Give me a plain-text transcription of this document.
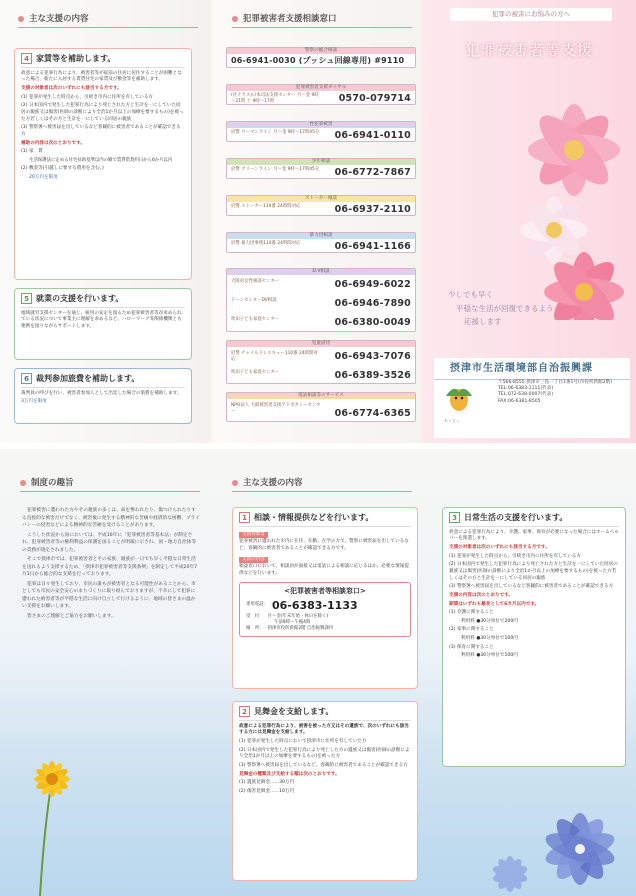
主な支援の内容
4 家賃等を補助します。
故意による犯罪行為により、被害者等が従前の住居に居住することが困難となった場合、新たに入居する賃貸住宅の家賃及び敷金等を補助します。
支援の対象者は次のいずれにも該当する方です。
(1) 犯罪が発生した時点から、引続き市内に住所を有している方
(2) 日本国内で発生した犯罪行為により死亡された方と生計を一にしていた同居の親族又は傷害(医師の診断により全治1か月以上の加療を要するもの)を被った方若しくはその方と生計を一にしている同居の親族
(3) 警察署へ被害届を出しているなど客観的に被害者であることが確認できる方
補助の内容は次のとおりです。
(1) 家　賃
生活保護法に定める住宅扶助基準以内の額で賃貸借契約日から6か月以内
(2) 敷金等(引越しに要する費用を含む。)
20万円を限度
5 就業の支援を行います。
地域就労支援センターを通じ、雇用の安定を図るため犯罪被害者等が求められている状況について事業主に理解を求めるなど、ハローワーク等関係機関とも連携を図りながらサポートします。
6 裁判参加旅費を補助します。
裁判員の呼びを行い、被害者参加人として出廷した場合の旅費を補助します。
3万円を限度
犯罪被害者支援相談窓口
警察の総合相談
06-6941-0030 (プッシュ回線専用) #9110
犯罪被害者支援ダイヤル
(社ナラス)日本司法支援センター 月～金 9時～21時 土 9時～17時	0570-079714
性犯罪被害
府警 ウーマンライン 月～金 9時～17時45分 06-6941-0110
少年相談
府警 グリーンライン 月～金 9時～17時45分 06-6772-7867
ストーカー相談
府警 ストーカー110番 24時間対応	06-6937-2110
暴力団相談
府警 暴力団事務110番 24時間対応	06-6941-1166
D.V相談
大阪府女性相談センター	06-6949-6022
ドーンセンターDV相談	06-6946-7890
吹田子ども家庭センター	06-6380-0049
児童虐待
府警 チャイルドレスキュー110番 24時間対応	06-6943-7076
吹田子ども家庭センター	06-6389-3526
電話相談等のサービス
NPO法人 大阪被害者支援アドボカシーセンター	06-6774-6365
犯罪の被害にお悩みの方へ
犯罪被害者等支援
少しでも早く
平穏な生活が回復できるよう
応援します
摂津市生活環境部自治振興課
セッピィ
〒566-8555 摂津市三島一丁目1番1号(市役所新館2階)
TEL:06-6383-1111(代表)
TEL:072-638-0007(代表)
FAX:06-6381-8505
制度の趣旨

犯罪被害に遭われた方やその親族の多くは、命を奪われたり、傷つけられたりする直接的な被害だけでなく、被害後に発生する精神的な苦痛や経済的な困難、プライバシーの侵害などによる精神的な苦痛を受けることがあります。

こうした状況から国においては、平成16年に「犯罪被害者等基本法」が制定され、犯罪被害者等の権利利益の保護を図ることが明確に示され、国・地方自治体等の責務が規定されました。

そこで摂津市では、犯罪被害者とその家族、親族が一日でも早く平穏な日常生活を送れるよう支援するため、「摂津市犯罪被害者等支援条例」を制定して平成20年7月1日から総合的な支援を行っております。

犯罪は日々発生しており、市民の誰もが被害者となる可能性があることから、市としても市民の安全安心のまちづくりに取り組んでおりますが、不幸にして犯罪に遭われた被害者等が平穏な生活に向け自立して行けるように、地域の皆さまの温かい支援をお願いします。

皆さまのご理解とご協力をお願いします。

主な支援の内容
1 相談・情報提供などを行います。
支援対象者
犯罪被害に遭われた市内に在住、在勤、在学の方で、警察に被害届を出しているなど、客観的に被害者であることが確認できる方です。
支援の内容
相談窓口において、相談員が面接又は電話による相談に応じるほか、必要な情報提供などを行います。
<犯罪被害者等相談窓口>
専用電話： 06-6383-1133
受　付： 月～金(年末年始・休日を除く)
午前9時～午後4時
場　所： 摂津市役所新館2階 自治振興課内
2 見舞金を支給します。
故意による犯罪行為により、被害を被った方又はその遺族で、次のいずれにも該当する方には見舞金を支給します。
(1) 犯罪が発生した時点において摂津市に住所を有していた方
(2) 日本国内で発生した犯罪行為により死亡した方の遺族又は傷害(医師の診断により全治1か月以上の加療を要するもの)を被った方
(3) 警察署へ被害届を出しているなど、客観的に被害者であることが確認できる方
見舞金の種類及び支給する額は次のとおりです。
(1) 遺族見舞金……30万円
(2) 傷害見舞金……10万円
3 日常生活の支援を行います。
故意による犯罪行為により、介護、家事、保育が必要になった場合にはホームヘルパーを派遣します。
支援の対象者は次のいずれにも該当する方です。
(1) 犯罪が発生した時点から、引続き市内に住所を有している方
(2) 日本国内で発生した犯罪行為により死亡された方と生計を一にしていた同居の親族又は傷害(医師の診断により全治1か月以上の加療を要するもの)を被った方若しくはその方と生計を一にしている同居の親族
(3) 警察署へ被害届を出しているなど客観的に被害者であることが確認できる方
支援の内容は次のとおりです。
期間はいずれも最長として6カ月以内です。
(1) 介護に関すること
利用料 ●30分単位で200円
(2) 家事に関すること
利用料 ●30分単位で100円
(3) 保育に関すること
利用料 ●30分単位で100円
